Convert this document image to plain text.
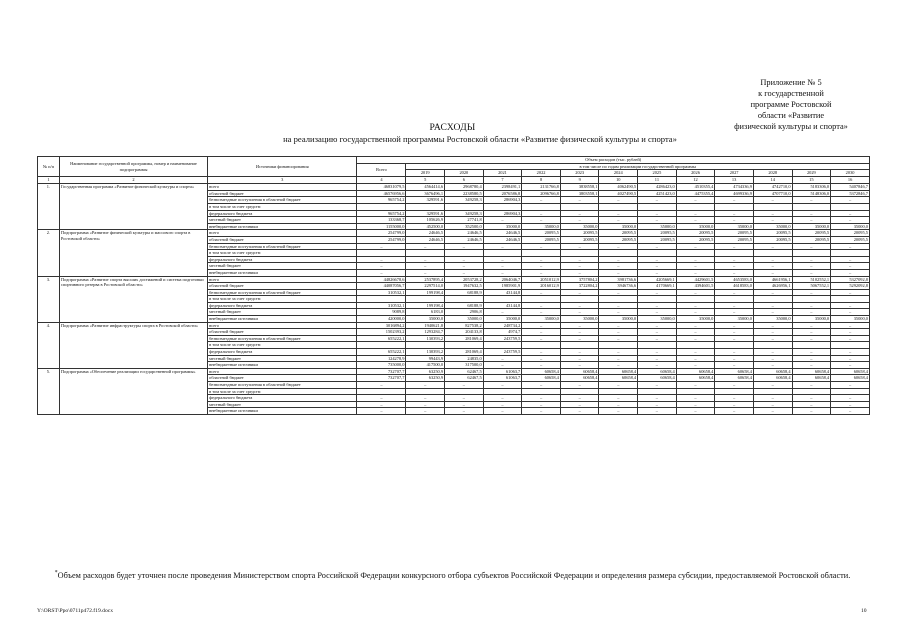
Приложение № 5
к государственной
программе Ростовской
области «Развитие
физической культуры и спорта»
РАСХОДЫ
на реализацию государственной программы Ростовской области «Развитие физической культуры и спорта»
№ п/п	Наименование государственной программы, номер и наименование подпрограммы	Источники финансирования	Объем расходов (тыс. рублей)												
			Всего	в том числе по годам реализации государственной программы											
				2019	2020	2021	2022	2023	2024	2025	2026	2027	2028	2029	2030
1	2	3	4	5	6	7	8	9	10	11	12	13	14	15	16
1.	Государственная программа «Развитие физической культуры и спорта»	всего	46831079,5	4564414,6	2968780,4	2398491,1	2131766,8	3838558,1	4062490,5	4286423,0	4510355,4	4734336,9	4742710,0	5183306,0	5407846,7
		областной бюджет	46576956,6	3676496,1	2238580,5	2076586,8	2096766,8	3803558,1	4027490,5	4251423,0	4475355,4	4699336,9	4707710,0	5148306,0	5372846,7
		безвозмездные поступления в областной бюджет	965754,2	329591,6	349258,3	286904,3	–	–	–	–	–	–	–	–	–
		в том числе за счет средств:													
		федерального бюджета	965754,2	329591,6	349258,3	286904,3	–	–	–	–	–	–	–	–	–
		местный бюджет	133368,7	105626,9	27741,8	–	–	–	–	–	–	–	–	–	–
		внебюджетные источники	1155000,0	452500,0	352500,0	35000,0	35000,0	35000,0	35000,0	35000,0	35000,0	35000,0	35000,0	35000,0	35000,0
2.	Подпрограмма «Развитие физической культуры и массового спорта в Ростовской области»	всего	254799,0	24646,5	24646,5	24646,5	20095,5	20095,5	20095,5	20095,5	20095,5	20095,5	20095,5	20095,5	20095,5
		областной бюджет	254799,0	24646,5	24646,5	24646,5	20095,5	20095,5	20095,5	20095,5	20095,5	20095,5	20095,5	20095,5	20095,5
		безвозмездные поступления в областной бюджет	–	–	–	–	–	–	–	–	–	–	–	–	–
		в том числе за счет средств:													
		федерального бюджета	–	–	–	–	–	–	–	–	–	–	–	–	–
		местный бюджет	–	–	–	–	–	–	–	–	–	–	–	–	–
		внебюджетные источники	–	–	–	–	–	–	–	–	–	–	–	–	–
3.	Подпрограмма «Развитие спорта высших достижений и система подготовки спортивного резерва в Ростовской области»	всего	44826678,6	2537895,4	2053728,2	2064046,7	2051012,9	3757804,2	3981736,6	4205669,1	4429601,5	4653583,0	4661956,1	5102552,1	5327092,8
		областной бюджет	44087056,7	2297514,0	1947632,5	1985901,9	2016012,9	3722804,2	3946736,6	4170669,1	4394601,5	4618583,0	4626956,1	5067552,1	5292092,8
		безвозмездные поступления в областной бюджет	310532,1	199198,4	68188,9	43144,8	–	–	–	–	–	–	–	–	–
		в том числе за счет средств:													
		федерального бюджета	310532,1	199198,4	68188,9	43144,8	–	–	–	–	–	–	–	–	–
		местный бюджет	9089,8	6183,0	2906,8	–	–	–	–	–	–	–	–	–	–
		внебюджетные источники	420000,0	35000,0	35000,0	35000,0	35000,0	35000,0	35000,0	35000,0	35000,0	35000,0	35000,0	35000,0	35000,0
4.	Подпрограмма «Развитие инфраструктуры спорта в Ростовской области»	всего	3016894,2	1940621,8	827538,2	248734,2	–	–	–	–	–	–	–	–	–
		областной бюджет	1502393,2	1293284,7	204133,8	4974,7	–	–	–	–	–	–	–	–	–
		безвозмездные поступления в областной бюджет	655222,1	130393,2	281069,4	243759,5	–	–	–	–	–	–	–	–	–
		в том числе за счет средств:													
		федерального бюджета	655222,1	130393,2	281069,4	243759,5	–	–	–	–	–	–	–	–	–
		местный бюджет	124278,9	99443,9	24835,0	–	–	–	–	–	–	–	–	–	–
		внебюджетные источники	735000,0	417500,0	317500,0	–	–	–	–	–	–	–	–	–	–
5.	Подпрограмма «Обеспечение реализации государственной программы»	всего	732707,7	63250,9	62467,5	61063,7	60658,4	60658,4	60658,4	60658,4	60658,4	60658,4	60658,4	60658,4	60658,4
		областной бюджет	732707,7	63250,9	62467,5	61063,7	60658,4	60658,4	60658,4	60658,4	60658,4	60658,4	60658,4	60658,4	60658,4
		безвозмездные поступления в областной бюджет	–	–	–	–	–	–	–	–	–	–	–	–	–
		в том числе за счет средств:													
		федерального бюджета	–	–	–	–	–	–	–	–	–	–	–	–	–
		местный бюджет	–	–	–	–	–	–	–	–	–	–	–	–	–
		внебюджетные источники	–	–	–	–	–	–	–	–	–	–	–	–	–
*Объем расходов будет уточнен после проведения Министерством спорта Российской Федерации конкурсного отбора субъектов Российской Федерации и определения размера субсидии, предоставляемой Ростовской области.
Y:\ORST\Ppo\0711p472.f19.docx	10
